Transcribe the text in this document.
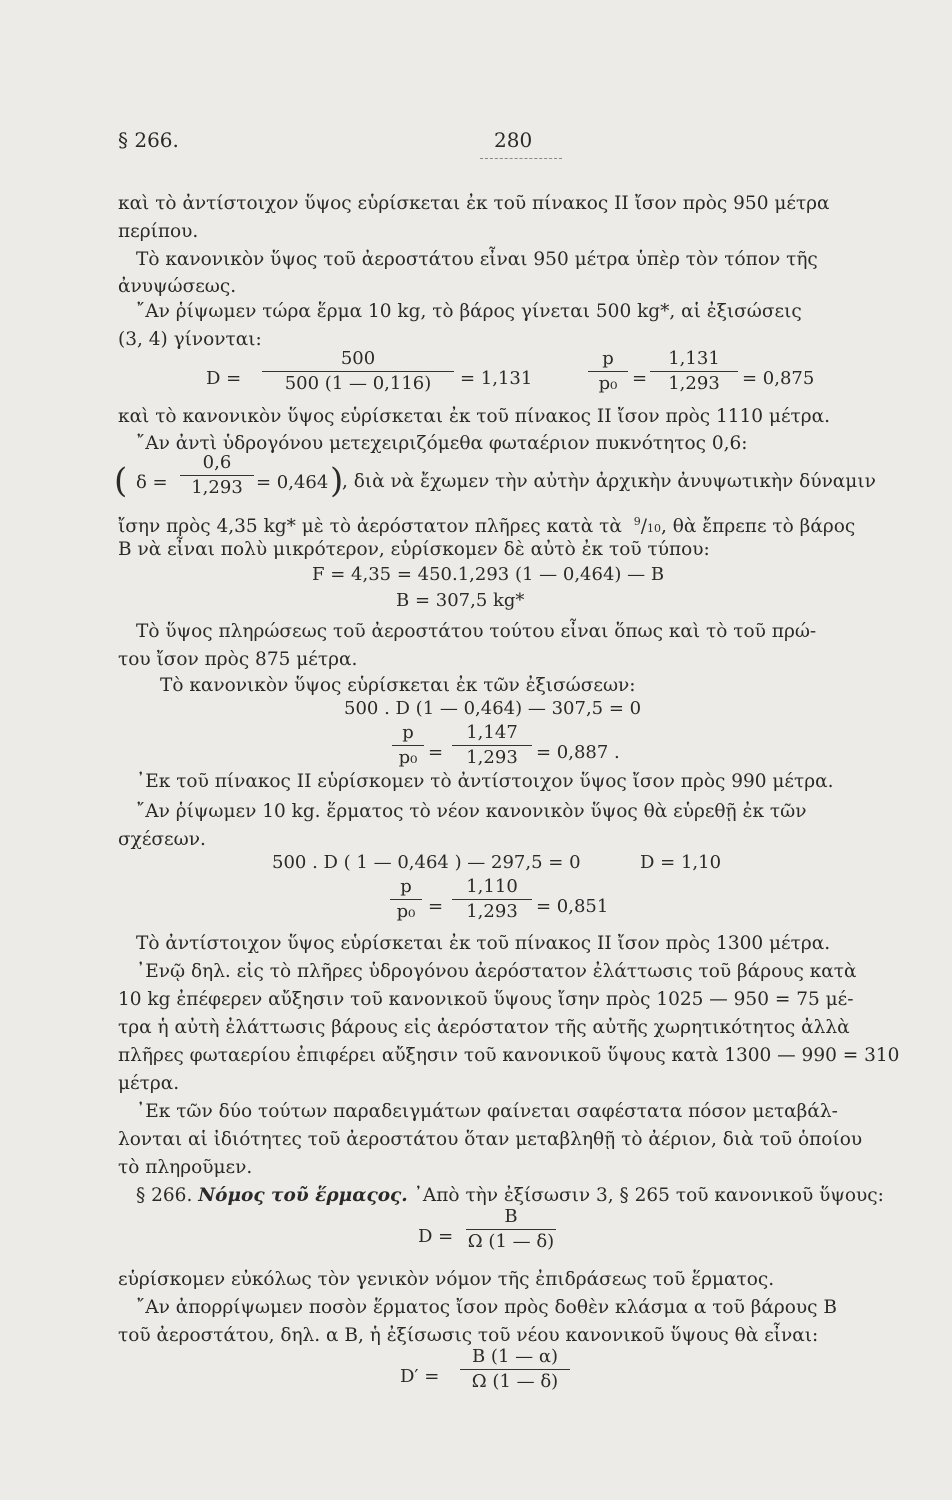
§ 266.	280
καὶ τὸ ἀντίστοιχον ὕψος εὑρίσκεται ἐκ τοῦ πίνακος ΙΙ ἴσον πρὸς 950 μέτρα
περίπου.
Τὸ κανονικὸν ὕψος τοῦ ἀεροστάτου εἶναι 950 μέτρα ὑπὲρ τὸν τόπον τῆς
ἀνυψώσεως.
῎Αν ῥίψωμεν τώρα ἕρμα 10 kg, τὸ βάρος γίνεται 500 kg*, αἱ ἐξισώσεις
(3, 4) γίνονται:
$D = \frac{500}{500 (1 — 0,116)} = 1,131$	$\frac{p}{\text{p₀}} = \frac{1,131}{1,293} = 0,875$
καὶ τὸ κανονικὸν ὕψος εὑρίσκεται ἐκ τοῦ πίνακος ΙΙ ἴσον πρὸς 1110 μέτρα.
῎Αν ἀντὶ ὑδρογόνου μετεχειριζόμεθα φωταέριον πυκνότητος 0,6:
( $\delta = \frac{0,6}{1,293} = 0,464$ )
, διὰ νὰ ἔχωμεν τὴν αὐτὴν ἀρχικὴν ἀνυψωτικὴν δύναμιν
ἴσην πρὸς 4,35 kg* μὲ τὸ ἀερόστατον πλῆρες κατὰ τὰ $^9$/10, θὰ ἔπρεπε τὸ βάρος
Β νὰ εἶναι πολὺ μικρότερον, εὑρίσκομεν δὲ αὐτὸ ἐκ τοῦ τύπου:
F = 4,35 = 450.1,293 (1 — 0,464) — Β
Β = 307,5 kg*
Τὸ ὕψος πληρώσεως τοῦ ἀεροστάτου τούτου εἶναι ὅπως καὶ τὸ τοῦ πρώ-
του ἴσον πρὸς 875 μέτρα.
Τὸ κανονικὸν ὕψος εὑρίσκεται ἐκ τῶν ἐξισώσεων:
500 . D (1 — 0,464) — 307,5 = 0
$\frac{p}{\text{p₀}} = \frac{1,147}{1,293} = 0,887$ .
᾽Εκ τοῦ πίνακος ΙΙ εὑρίσκομεν τὸ ἀντίστοιχον ὕψος ἴσον πρὸς 990 μέτρα.
῎Αν ῥίψωμεν 10 kg. ἕρματος τὸ νέον κανονικὸν ὕψος θὰ εὑρεθῇ ἐκ τῶν
σχέσεων.
500 . D ( 1 — 0,464 ) — 297,5 = 0	D = 1,10
$\frac{p}{\text{p₀}} = \frac{1,110}{1,293} = 0,851$
Τὸ ἀντίστοιχον ὕψος εὑρίσκεται ἐκ τοῦ πίνακος ΙΙ ἴσον πρὸς 1300 μέτρα.
᾽Ενῷ δηλ. εἰς τὸ πλῆρες ὑδρογόνου ἀερόστατον ἐλάττωσις τοῦ βάρους κατὰ
10 kg ἐπέφερεν αὔξησιν τοῦ κανονικοῦ ὕψους ἴσην πρὸς 1025 — 950 = 75 μέ-
τρα ἡ αὐτὴ ἐλάττωσις βάρους εἰς ἀερόστατον τῆς αὐτῆς χωρητικότητος ἀλλὰ
πλῆρες φωταερίου ἐπιφέρει αὔξησιν τοῦ κανονικοῦ ὕψους κατὰ 1300 — 990 = 310
μέτρα.
᾽Εκ τῶν δύο τούτων παραδειγμάτων φαίνεται σαφέστατα πόσον μεταβάλ-
λονται αἱ ἰδιότητες τοῦ ἀεροστάτου ὅταν μεταβληθῇ τὸ ἀέριον, διὰ τοῦ ὁποίου
τὸ πληροῦμεν.
§ 266. Νόμος τοῦ ἕρμαςος. ᾽Απὸ τὴν ἐξίσωσιν 3, § 265 τοῦ κανονικοῦ ὕψους:
$D = \frac{B}{\Omega (1 — \delta)}$
εὑρίσκομεν εὐκόλως τὸν γενικὸν νόμον τῆς ἐπιδράσεως τοῦ ἕρματος.
῎Αν ἀπορρίψωμεν ποσὸν ἕρματος ἴσον πρὸς δοθὲν κλάσμα α τοῦ βάρους Β
τοῦ ἀεροστάτου, δηλ. α Β, ἡ ἐξίσωσις τοῦ νέου κανονικοῦ ὕψους θὰ εἶναι:
$D' = \frac{B (1 — \alpha)}{\Omega (1 — \delta)}$
